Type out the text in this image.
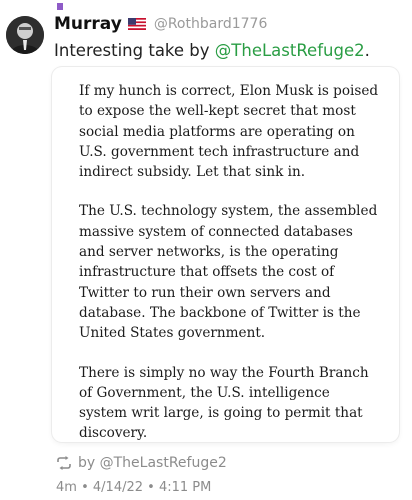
Murray @Rothbard1776
Interesting take by @TheLastRefuge2.

If my hunch is correct, Elon Musk is poised to expose the well-kept secret that most social media platforms are operating on U.S. government tech infrastructure and indirect subsidy. Let that sink in.

The U.S. technology system, the assembled massive system of connected databases and server networks, is the operating infrastructure that offsets the cost of Twitter to run their own servers and database. The backbone of Twitter is the United States government.

There is simply no way the Fourth Branch of Government, the U.S. intelligence system writ large, is going to permit that discovery.

by @TheLastRefuge2
4m • 4/14/22 • 4:11 PM
